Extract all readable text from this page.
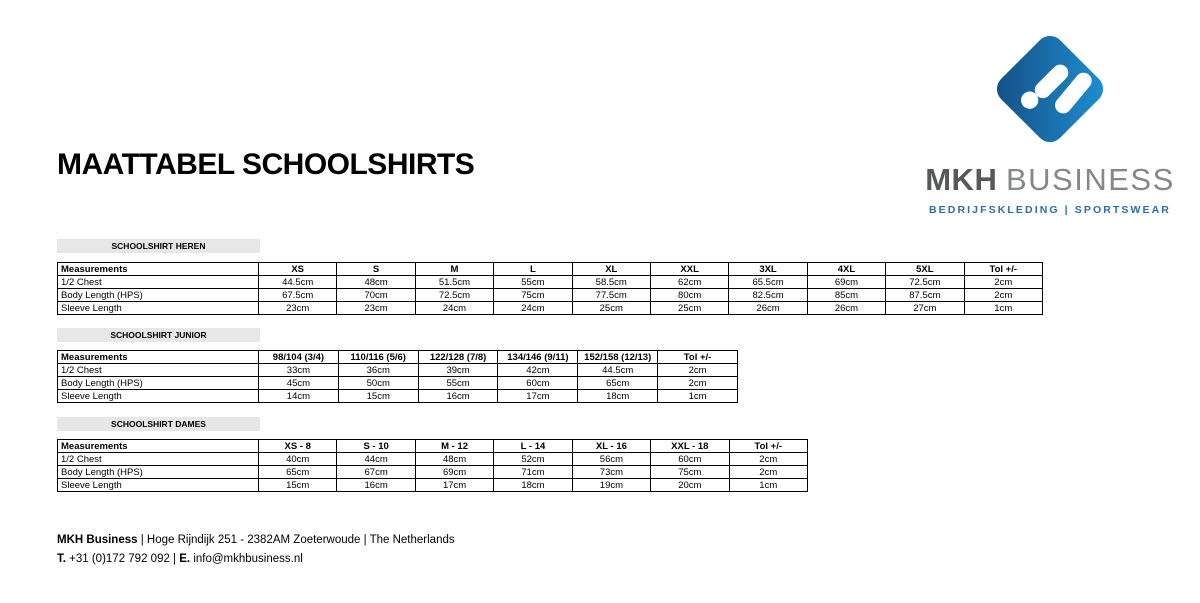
MAATTABEL SCHOOLSHIRTS	MKH BUSINESS
BEDRIJFSKLEDING | SPORTSWEAR
SCHOOLSHIRT HEREN
Measurements	XS	S	M	L	XL	XXL	3XL	4XL	5XL	Tol +/-
1/2 Chest	44.5cm	48cm	51.5cm	55cm	58.5cm	62cm	65.5cm	69cm	72.5cm	2cm
Body Length (HPS)	67.5cm	70cm	72.5cm	75cm	77.5cm	80cm	82.5cm	85cm	87.5cm	2cm
Sleeve Length	23cm	23cm	24cm	24cm	25cm	25cm	26cm	26cm	27cm	1cm
SCHOOLSHIRT JUNIOR
Measurements	98/104 (3/4)	110/116 (5/6)	122/128 (7/8)	134/146 (9/11)	152/158 (12/13)	Tol +/-
1/2 Chest	33cm	36cm	39cm	42cm	44.5cm	2cm
Body Length (HPS)	45cm	50cm	55cm	60cm	65cm	2cm
Sleeve Length	14cm	15cm	16cm	17cm	18cm	1cm
SCHOOLSHIRT DAMES
Measurements	XS - 8	S - 10	M - 12	L - 14	XL - 16	XXL - 18	Tol +/-
1/2 Chest	40cm	44cm	48cm	52cm	56cm	60cm	2cm
Body Length (HPS)	65cm	67cm	69cm	71cm	73cm	75cm	2cm
Sleeve Length	15cm	16cm	17cm	18cm	19cm	20cm	1cm
MKH Business | Hoge Rijndijk 251 - 2382AM Zoeterwoude | The Netherlands
T. +31 (0)172 792 092 | E. info@mkhbusiness.nl
